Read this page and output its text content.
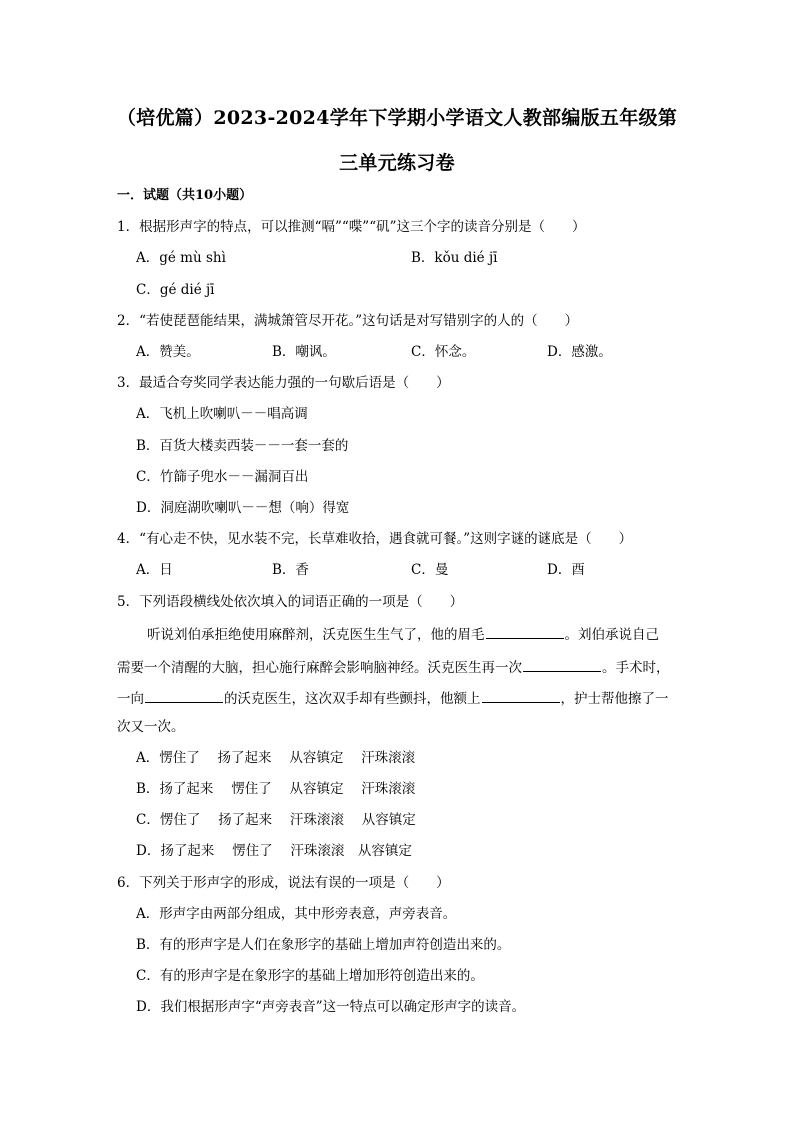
（培优篇）2023-2024学年下学期小学语文人教部编版五年级第
三单元练习卷
一．试题（共10小题）
1．根据形声字的特点，可以推测“嗝”“喋”“矶”这三个字的读音分别是（　　）
A．gé mù shì	B．kǒu dié jī
C．gé dié jī
2．“若使琵琶能结果，满城箫管尽开花。”这句话是对写错别字的人的（　　）
A．赞美。	B．嘲讽。	C．怀念。	D．感激。
3．最适合夸奖同学表达能力强的一句歇后语是（　　）
A．飞机上吹喇叭－－唱高调
B．百货大楼卖西装－－一套一套的
C．竹篩子兜水－－漏洞百出
D．洞庭湖吹喇叭－－想（响）得宽
4．“有心走不快，见水装不完，长草难收拾，遇食就可餐。”这则字谜的谜底是（　　）
A．日	B．香	C．曼	D．酉
5．下列语段横线处依次填入的词语正确的一项是（　　）
听说刘伯承拒绝使用麻醉剂，沃克医生生气了，他的眉毛	。刘伯承说自己
需要一个清醒的大脑，担心施行麻醉会影响脑神经。沃克医生再一次	。手术时，
一向	的沃克医生，这次双手却有些颤抖，他额上	，护士帮他擦了一
次又一次。
A．愣住了　 扬了起来　 从容镇定　 汗珠滚滚
B．扬了起来　 愣住了　 从容镇定　 汗珠滚滚
C．愣住了　 扬了起来　 汗珠滚滚　 从容镇定
D．扬了起来　 愣住了　 汗珠滚滚　从容镇定
6．下列关于形声字的形成，说法有误的一项是（　　）
A．形声字由两部分组成，其中形旁表意，声旁表音。
B．有的形声字是人们在象形字的基础上增加声符创造出来的。
C．有的形声字是在象形字的基础上增加形符创造出来的。
D．我们根据形声字“声旁表音”这一特点可以确定形声字的读音。
